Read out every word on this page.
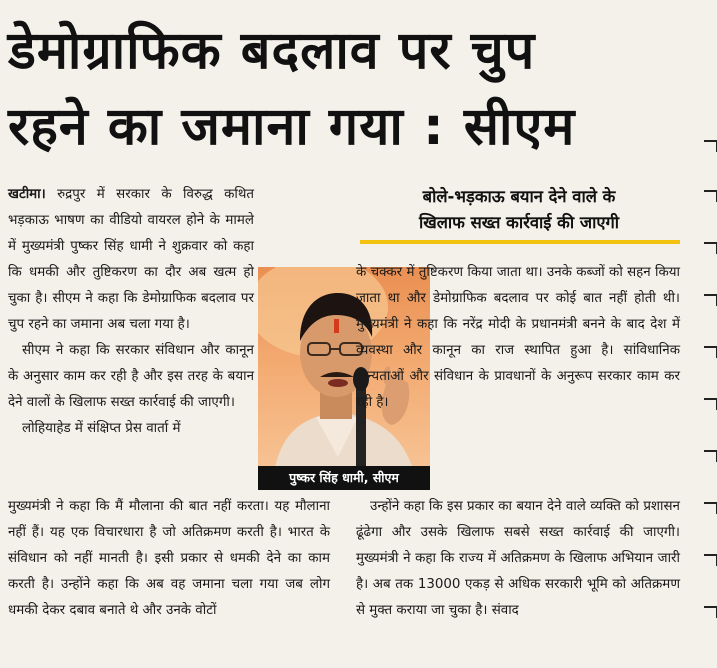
डेमोग्राफिक बदलाव पर चुप
रहने का जमाना गया : सीएम

खटीमा। रुद्रपुर में सरकार के विरुद्ध कथित भड़काऊ भाषण का वीडियो वायरल होने के मामले में मुख्यमंत्री पुष्कर सिंह धामी ने शुक्रवार को कहा कि धमकी और तुष्टिकरण का दौर अब खत्म हो चुका है। सीएम ने कहा कि डेमोग्राफिक बदलाव पर चुप रहने का जमाना अब चला गया है।

सीएम ने कहा कि सरकार संविधान और कानून के अनुसार काम कर रही है और इस तरह के बयान देने वालों के खिलाफ सख्त कार्रवाई की जाएगी।

लोहियाहेड में संक्षिप्त प्रेस वार्ता में

मुख्यमंत्री ने कहा कि मैं मौलाना की बात नहीं करता। यह मौलाना नहीं हैं। यह एक विचारधारा है जो अतिक्रमण करती है। भारत के संविधान को नहीं मानती है। इसी प्रकार से धमकी देने का काम करती है। उन्होंने कहा कि अब वह जमाना चला गया जब लोग धमकी देकर दबाव बनाते थे और उनके वोटों

बोले-भड़काऊ बयान देने वाले के
खिलाफ सख्त कार्रवाई की जाएगी
पुष्कर सिंह धामी, सीएम

के चक्कर में तुष्टिकरण किया जाता था। उनके कब्जों को सहन किया जाता था और डेमोग्राफिक बदलाव पर कोई बात नहीं होती थी। मुख्यमंत्री ने कहा कि नरेंद्र मोदी के प्रधानमंत्री बनने के बाद देश में व्यवस्था और कानून का राज स्थापित हुआ है। सांविधानिक मान्यताओं और संविधान के प्रावधानों के अनुरूप सरकार काम कर रही है।

उन्होंने कहा कि इस प्रकार का बयान देने वाले व्यक्ति को प्रशासन ढूंढेगा और उसके खिलाफ सबसे सख्त कार्रवाई की जाएगी। मुख्यमंत्री ने कहा कि राज्य में अतिक्रमण के खिलाफ अभियान जारी है। अब तक 13000 एकड़ से अधिक सरकारी भूमि को अतिक्रमण से मुक्त कराया जा चुका है। संवाद
